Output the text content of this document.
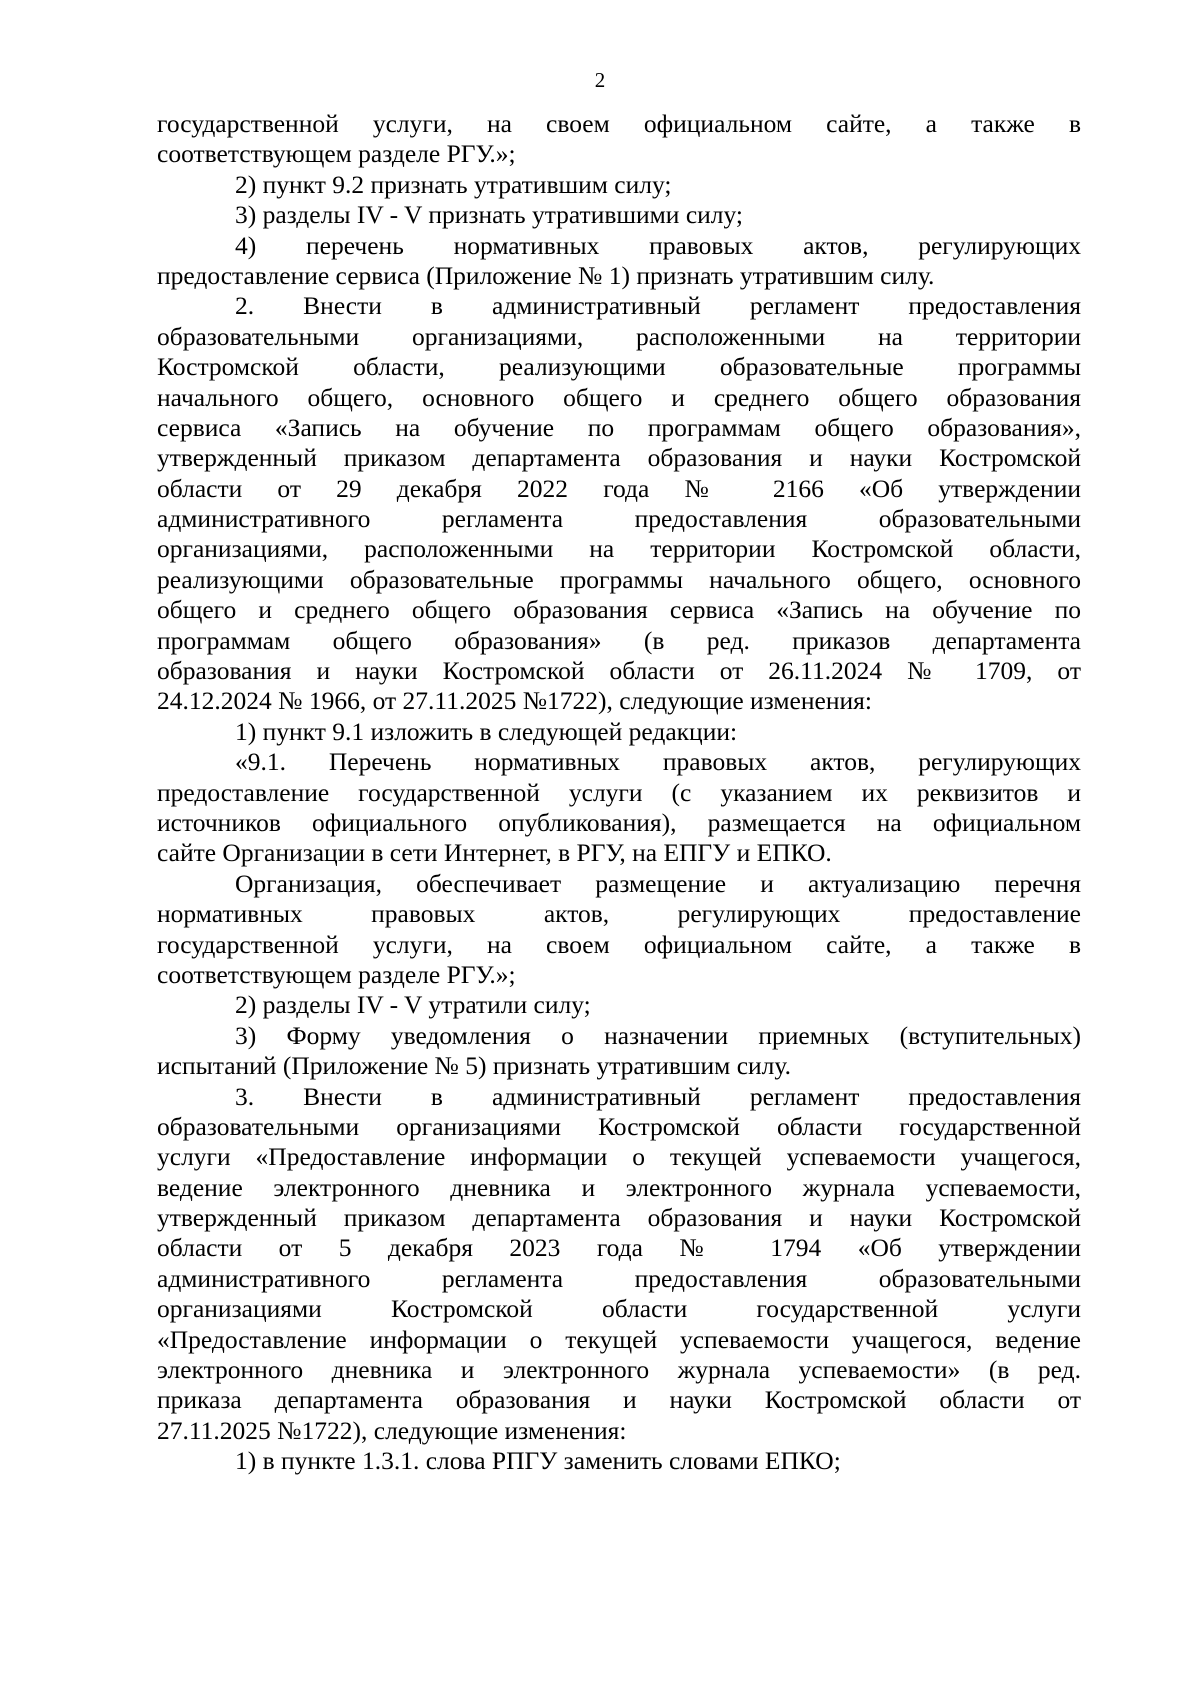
2
государственной услуги, на своем официальном сайте, а также в
соответствующем разделе РГУ.»;
2) пункт 9.2 признать утратившим силу;
3) разделы IV - V признать утратившими силу;
4) перечень нормативных правовых актов, регулирующих
предоставление сервиса (Приложение № 1) признать утратившим силу.
2. Внести в административный регламент предоставления
образовательными организациями, расположенными на территории
Костромской области, реализующими образовательные программы
начального общего, основного общего и среднего общего образования
сервиса «Запись на обучение по программам общего образования»,
утвержденный приказом департамента образования и науки Костромской
области от 29 декабря 2022 года № 2166 «Об утверждении
административного регламента предоставления образовательными
организациями, расположенными на территории Костромской области,
реализующими образовательные программы начального общего, основного
общего и среднего общего образования сервиса «Запись на обучение по
программам общего образования» (в ред. приказов департамента
образования и науки Костромской области от 26.11.2024 № 1709, от
24.12.2024 № 1966, от 27.11.2025 №1722), следующие изменения:
1) пункт 9.1 изложить в следующей редакции:
«9.1. Перечень нормативных правовых актов, регулирующих
предоставление государственной услуги (с указанием их реквизитов и
источников официального опубликования), размещается на официальном
сайте Организации в сети Интернет, в РГУ, на ЕПГУ и ЕПКО.
Организация, обеспечивает размещение и актуализацию перечня
нормативных правовых актов, регулирующих предоставление
государственной услуги, на своем официальном сайте, а также в
соответствующем разделе РГУ.»;
2) разделы IV - V утратили силу;
3) Форму уведомления о назначении приемных (вступительных)
испытаний (Приложение № 5) признать утратившим силу.
3. Внести в административный регламент предоставления
образовательными организациями Костромской области государственной
услуги «Предоставление информации о текущей успеваемости учащегося,
ведение электронного дневника и электронного журнала успеваемости,
утвержденный приказом департамента образования и науки Костромской
области от 5 декабря 2023 года № 1794 «Об утверждении
административного регламента предоставления образовательными
организациями Костромской области государственной услуги
«Предоставление информации о текущей успеваемости учащегося, ведение
электронного дневника и электронного журнала успеваемости» (в ред.
приказа департамента образования и науки Костромской области от
27.11.2025 №1722), следующие изменения:
1) в пункте 1.3.1. слова РПГУ заменить словами ЕПКО;
